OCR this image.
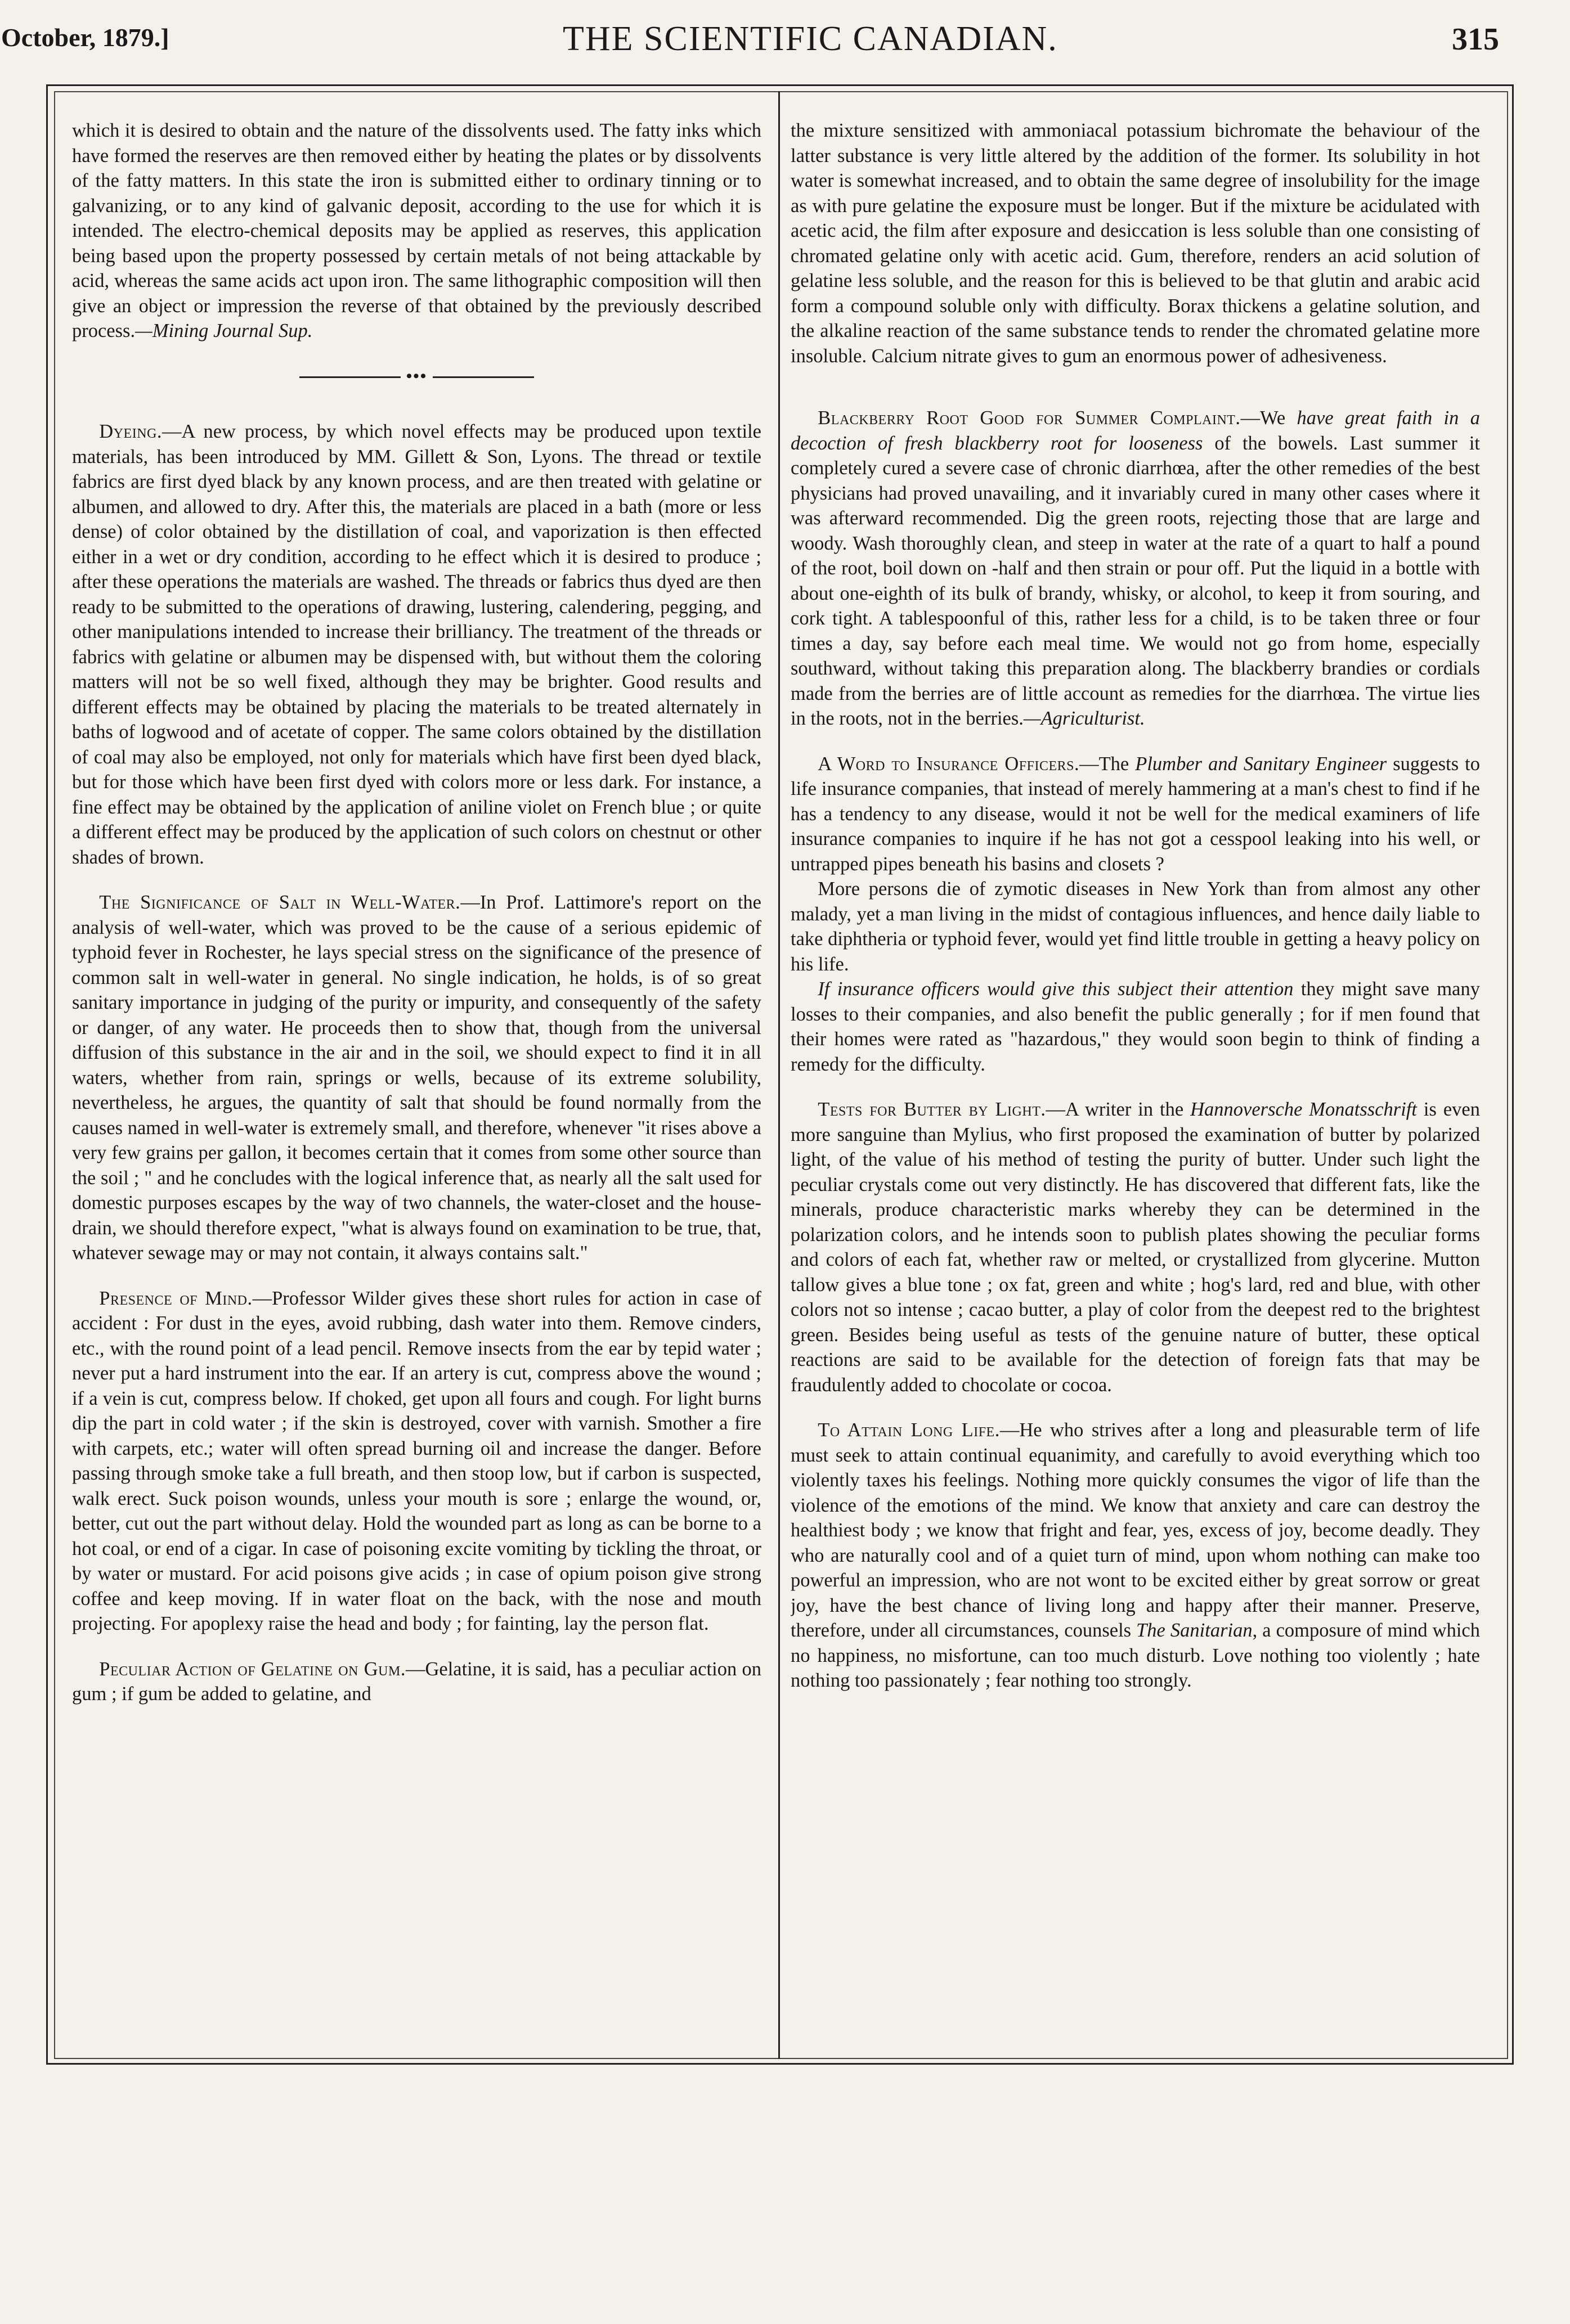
October, 1879.]	THE SCIENTIFIC CANADIAN.	315

which it is desired to obtain and the nature of the dissolvents used. The fatty inks which have formed the reserves are then removed either by heating the plates or by dissolvents of the fatty matters. In this state the iron is submitted either to ordinary tinning or to galvanizing, or to any kind of galvanic deposit, according to the use for which it is intended. The electro-chemical deposits may be applied as reserves, this application being based upon the property possessed by certain metals of not being attackable by acid, whereas the same acids act upon iron. The same lithographic composition will then give an object or impression the reverse of that obtained by the previously described process.—Mining Journal Sup.

•••

Dyeing.—A new process, by which novel effects may be produced upon textile materials, has been introduced by MM. Gillett & Son, Lyons. The thread or textile fabrics are first dyed black by any known process, and are then treated with gelatine or albumen, and allowed to dry. After this, the materials are placed in a bath (more or less dense) of color obtained by the distillation of coal, and vaporization is then effected either in a wet or dry condition, according to he effect which it is desired to produce ; after these operations the materials are washed. The threads or fabrics thus dyed are then ready to be submitted to the operations of drawing, lustering, calendering, pegging, and other manipulations intended to increase their brilliancy. The treatment of the threads or fabrics with gelatine or albumen may be dispensed with, but without them the coloring matters will not be so well fixed, although they may be brighter. Good results and different effects may be obtained by placing the materials to be treated alternately in baths of logwood and of acetate of copper. The same colors obtained by the distillation of coal may also be employed, not only for materials which have first been dyed black, but for those which have been first dyed with colors more or less dark. For instance, a fine effect may be obtained by the application of aniline violet on French blue ; or quite a different effect may be produced by the application of such colors on chestnut or other shades of brown.

The Significance of Salt in Well-Water.—In Prof. Lattimore's report on the analysis of well-water, which was proved to be the cause of a serious epidemic of typhoid fever in Rochester, he lays special stress on the significance of the presence of common salt in well-water in general. No single indication, he holds, is of so great sanitary importance in judging of the purity or impurity, and consequently of the safety or danger, of any water. He proceeds then to show that, though from the universal diffusion of this substance in the air and in the soil, we should expect to find it in all waters, whether from rain, springs or wells, because of its extreme solubility, nevertheless, he argues, the quantity of salt that should be found normally from the causes named in well-water is extremely small, and therefore, whenever "it rises above a very few grains per gallon, it becomes certain that it comes from some other source than the soil ; " and he concludes with the logical inference that, as nearly all the salt used for domestic purposes escapes by the way of two channels, the water-closet and the house-drain, we should therefore expect, "what is always found on examination to be true, that, whatever sewage may or may not contain, it always contains salt."

Presence of Mind.—Professor Wilder gives these short rules for action in case of accident : For dust in the eyes, avoid rubbing, dash water into them. Remove cinders, etc., with the round point of a lead pencil. Remove insects from the ear by tepid water ; never put a hard instrument into the ear. If an artery is cut, compress above the wound ; if a vein is cut, compress below. If choked, get upon all fours and cough. For light burns dip the part in cold water ; if the skin is destroyed, cover with varnish. Smother a fire with carpets, etc.; water will often spread burning oil and increase the danger. Before passing through smoke take a full breath, and then stoop low, but if carbon is suspected, walk erect. Suck poison wounds, unless your mouth is sore ; enlarge the wound, or, better, cut out the part without delay. Hold the wounded part as long as can be borne to a hot coal, or end of a cigar. In case of poisoning excite vomiting by tickling the throat, or by water or mustard. For acid poisons give acids ; in case of opium poison give strong coffee and keep moving. If in water float on the back, with the nose and mouth projecting. For apoplexy raise the head and body ; for fainting, lay the person flat.

Peculiar Action of Gelatine on Gum.—Gelatine, it is said, has a peculiar action on gum ; if gum be added to gelatine, and

the mixture sensitized with ammoniacal potassium bichromate the behaviour of the latter substance is very little altered by the addition of the former. Its solubility in hot water is somewhat increased, and to obtain the same degree of insolubility for the image as with pure gelatine the exposure must be longer. But if the mixture be acidulated with acetic acid, the film after exposure and desiccation is less soluble than one consisting of chromated gelatine only with acetic acid. Gum, therefore, renders an acid solution of gelatine less soluble, and the reason for this is believed to be that glutin and arabic acid form a compound soluble only with difficulty. Borax thickens a gelatine solution, and the alkaline reaction of the same substance tends to render the chromated gelatine more insoluble. Calcium nitrate gives to gum an enormous power of adhesiveness.

Blackberry Root Good for Summer Complaint.—We have great faith in a decoction of fresh blackberry root for looseness of the bowels. Last summer it completely cured a severe case of chronic diarrhœa, after the other remedies of the best physicians had proved unavailing, and it invariably cured in many other cases where it was afterward recommended. Dig the green roots, rejecting those that are large and woody. Wash thoroughly clean, and steep in water at the rate of a quart to half a pound of the root, boil down on -half and then strain or pour off. Put the liquid in a bottle with about one-eighth of its bulk of brandy, whisky, or alcohol, to keep it from souring, and cork tight. A tablespoonful of this, rather less for a child, is to be taken three or four times a day, say before each meal time. We would not go from home, especially southward, without taking this preparation along. The blackberry brandies or cordials made from the berries are of little account as remedies for the diarrhœa. The virtue lies in the roots, not in the berries.—Agriculturist.

A Word to Insurance Officers.—The Plumber and Sanitary Engineer suggests to life insurance companies, that instead of merely hammering at a man's chest to find if he has a tendency to any disease, would it not be well for the medical examiners of life insurance companies to inquire if he has not got a cesspool leaking into his well, or untrapped pipes beneath his basins and closets ?

More persons die of zymotic diseases in New York than from almost any other malady, yet a man living in the midst of contagious influences, and hence daily liable to take diphtheria or typhoid fever, would yet find little trouble in getting a heavy policy on his life.

If insurance officers would give this subject their attention they might save many losses to their companies, and also benefit the public generally ; for if men found that their homes were rated as "hazardous," they would soon begin to think of finding a remedy for the difficulty.

Tests for Butter by Light.—A writer in the Hannoversche Monatsschrift is even more sanguine than Mylius, who first proposed the examination of butter by polarized light, of the value of his method of testing the purity of butter. Under such light the peculiar crystals come out very distinctly. He has discovered that different fats, like the minerals, produce characteristic marks whereby they can be determined in the polarization colors, and he intends soon to publish plates showing the peculiar forms and colors of each fat, whether raw or melted, or crystallized from glycerine. Mutton tallow gives a blue tone ; ox fat, green and white ; hog's lard, red and blue, with other colors not so intense ; cacao butter, a play of color from the deepest red to the brightest green. Besides being useful as tests of the genuine nature of butter, these optical reactions are said to be available for the detection of foreign fats that may be fraudulently added to chocolate or cocoa.

To Attain Long Life.—He who strives after a long and pleasurable term of life must seek to attain continual equanimity, and carefully to avoid everything which too violently taxes his feelings. Nothing more quickly consumes the vigor of life than the violence of the emotions of the mind. We know that anxiety and care can destroy the healthiest body ; we know that fright and fear, yes, excess of joy, become deadly. They who are naturally cool and of a quiet turn of mind, upon whom nothing can make too powerful an impression, who are not wont to be excited either by great sorrow or great joy, have the best chance of living long and happy after their manner. Preserve, therefore, under all circumstances, counsels The Sanitarian, a composure of mind which no happiness, no misfortune, can too much disturb. Love nothing too violently ; hate nothing too passionately ; fear nothing too strongly.
